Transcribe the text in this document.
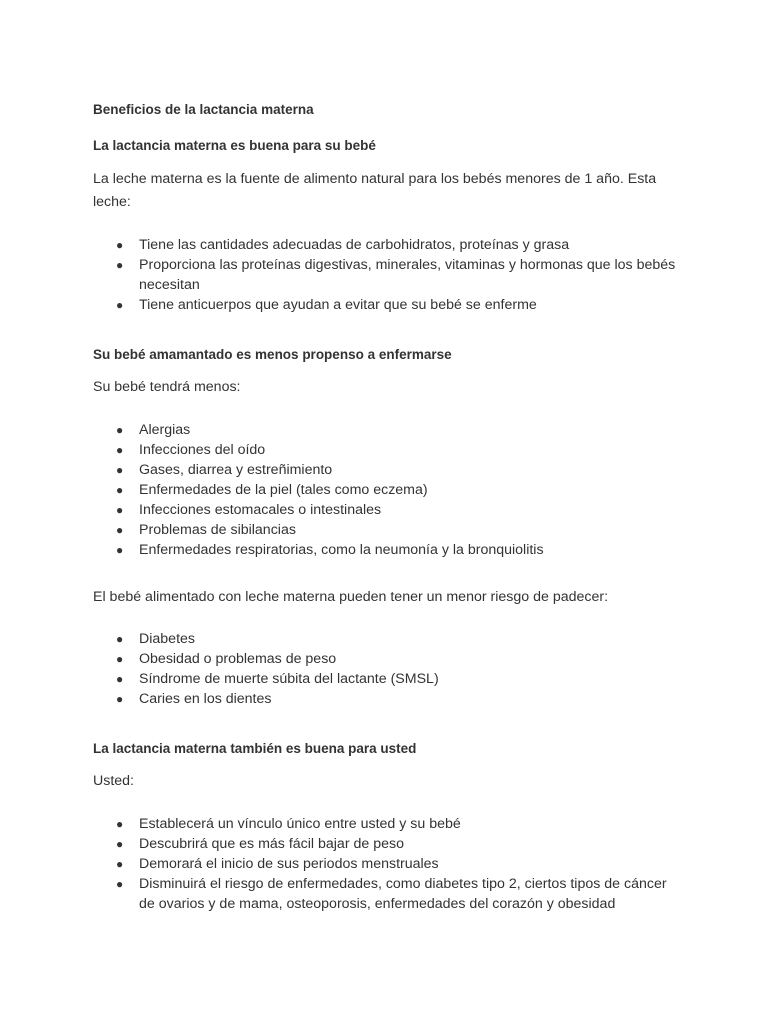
Beneficios de la lactancia materna
La lactancia materna es buena para su bebé
La leche materna es la fuente de alimento natural para los bebés menores de 1 año. Esta leche:
● Tiene las cantidades adecuadas de carbohidratos, proteínas y grasa
● Proporciona las proteínas digestivas, minerales, vitaminas y hormonas que los bebés necesitan
● Tiene anticuerpos que ayudan a evitar que su bebé se enferme
Su bebé amamantado es menos propenso a enfermarse
Su bebé tendrá menos:
● Alergias
● Infecciones del oído
● Gases, diarrea y estreñimiento
● Enfermedades de la piel (tales como eczema)
● Infecciones estomacales o intestinales
● Problemas de sibilancias
● Enfermedades respiratorias, como la neumonía y la bronquiolitis
El bebé alimentado con leche materna pueden tener un menor riesgo de padecer:
● Diabetes
● Obesidad o problemas de peso
● Síndrome de muerte súbita del lactante (SMSL)
● Caries en los dientes
La lactancia materna también es buena para usted
Usted:
● Establecerá un vínculo único entre usted y su bebé
● Descubrirá que es más fácil bajar de peso
● Demorará el inicio de sus periodos menstruales
● Disminuirá el riesgo de enfermedades, como diabetes tipo 2, ciertos tipos de cáncer de ovarios y de mama, osteoporosis, enfermedades del corazón y obesidad
